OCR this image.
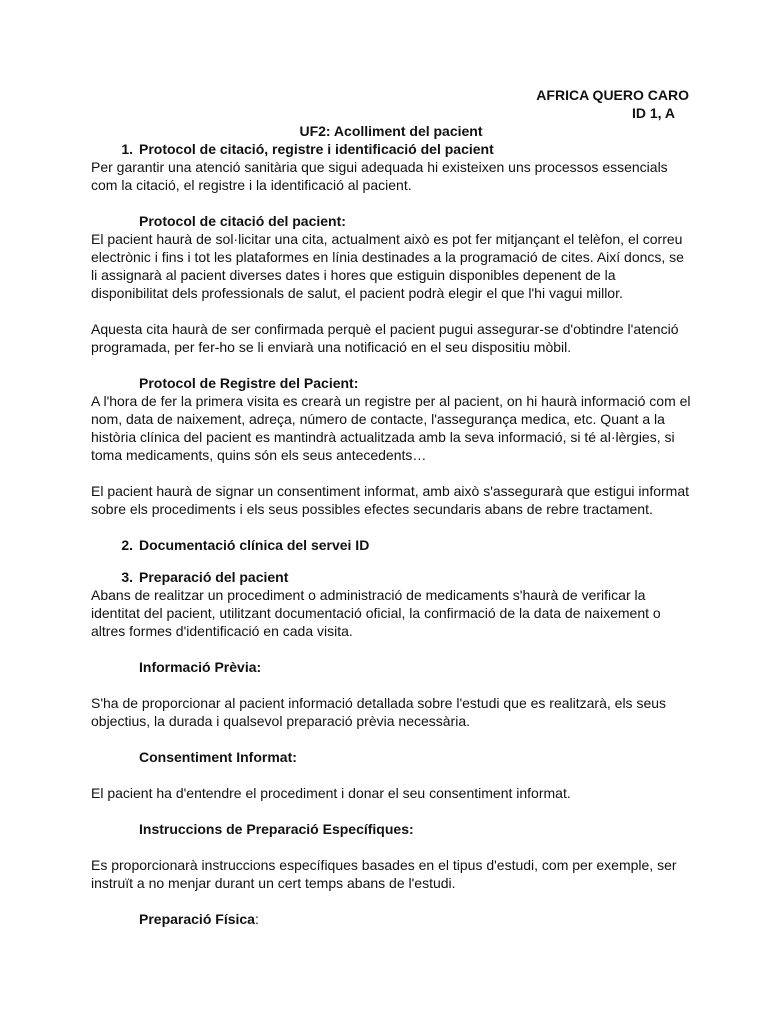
AFRICA QUERO CARO

ID 1, A

UF2: Acolliment del pacient

1. Protocol de citació, registre i identificació del pacient

Per garantir una atenció sanitària que sigui adequada hi existeixen uns processos essencials com la citació, el registre i la identificació al pacient.

Protocol de citació del pacient:

El pacient haurà de sol·licitar una cita, actualment això es pot fer mitjançant el telèfon, el correu electrònic i fins i tot les plataformes en línia destinades a la programació de cites. Així doncs, se li assignarà al pacient diverses dates i hores que estiguin disponibles depenent de la disponibilitat dels professionals de salut, el pacient podrà elegir el que l'hi vagui millor.

Aquesta cita haurà de ser confirmada perquè el pacient pugui assegurar-se d'obtindre l'atenció programada, per fer-ho se li enviarà una notificació en el seu dispositiu mòbil.

Protocol de Registre del Pacient:

A l'hora de fer la primera visita es crearà un registre per al pacient, on hi haurà informació com el nom, data de naixement, adreça, número de contacte, l'assegurança medica, etc. Quant a la història clínica del pacient es mantindrà actualitzada amb la seva informació, si té al·lèrgies, si toma medicaments, quins són els seus antecedents…

El pacient haurà de signar un consentiment informat, amb això s'assegurarà que estigui informat sobre els procediments i els seus possibles efectes secundaris abans de rebre tractament.

2. Documentació clínica del servei ID
3. Preparació del pacient

Abans de realitzar un procediment o administració de medicaments s'haurà de verificar la identitat del pacient, utilitzant documentació oficial, la confirmació de la data de naixement o altres formes d'identificació en cada visita.

Informació Prèvia:

S'ha de proporcionar al pacient informació detallada sobre l'estudi que es realitzarà, els seus objectius, la durada i qualsevol preparació prèvia necessària.

Consentiment Informat:

El pacient ha d'entendre el procediment i donar el seu consentiment informat.

Instruccions de Preparació Específiques:

Es proporcionarà instruccions específiques basades en el tipus d'estudi, com per exemple, ser instruït a no menjar durant un cert temps abans de l'estudi.

Preparació Física:
